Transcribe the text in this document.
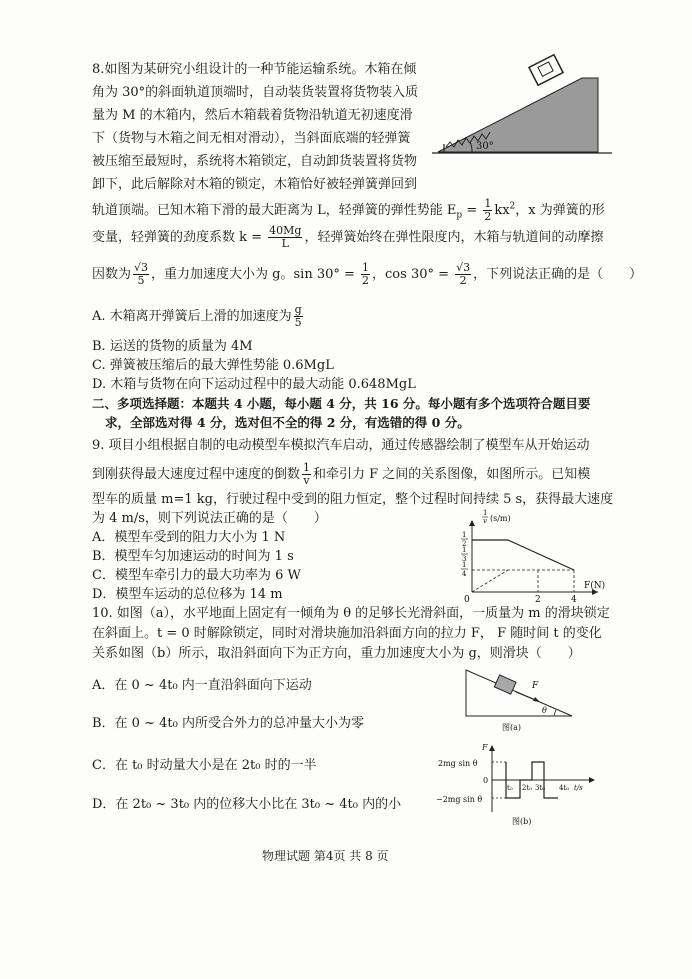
8.如图为某研究小组设计的一种节能运输系统。木箱在倾
角为 30°的斜面轨道顶端时，自动装货装置将货物装入质
量为 M 的木箱内，然后木箱载着货物沿轨道无初速度滑
下（货物与木箱之间无相对滑动），当斜面底端的轻弹簧
被压缩至最短时，系统将木箱锁定，自动卸货装置将货物
卸下，此后解除对木箱的锁定，木箱恰好被轻弹簧弹回到
30°
轨道顶端。已知木箱下滑的最大距离为 L，轻弹簧的弹性势能 $E_p = \frac{1}{2} kx^2$，x 为弹簧的形
变量，轻弹簧的劲度系数 $k = \frac{40Mg}{L}$ ，轻弹簧始终在弹性限度内，木箱与轨道间的动摩擦
因数为 $\frac{√3}{5}$ ，重力加速度大小为 g。$\sin 30^\circ = \frac{1}{2}$ ，$\cos 30^\circ = \frac{√3}{2}$ ，下列说法正确的是（　　）
A. 木箱离开弹簧后上滑的加速度为 $\frac{g}{5}$
B. 运送的货物的质量为 4M
C. 弹簧被压缩后的最大弹性势能 0.6MgL
D. 木箱与货物在向下运动过程中的最大动能 0.648MgL
二、多项选择题：本题共 4 小题，每小题 4 分，共 16 分。每小题有多个选项符合题目要
求，全部选对得 4 分，选对但不全的得 2 分，有选错的得 0 分。
9. 项目小组根据自制的电动模型车模拟汽车启动，通过传感器绘制了模型车从开始运动
到刚获得最大速度过程中速度的倒数 $\frac{1}{v}$ 和牵引力 F 之间的关系图像，如图所示。已知模
型车的质量 m=1 kg，行驶过程中受到的阻力恒定，整个过程时间持续 5 s，获得最大速度
为 4 m/s，则下列说法正确的是（　　）
A．模型车受到的阻力大小为 1 N
B．模型车匀加速运动的时间为 1 s
C．模型车牵引力的最大功率为 6 W
D．模型车运动的总位移为 14 m
1
v (s/m)
F(N)
0
1
2
1
3
1
4
2	4
10. 如图（a），水平地面上固定有一倾角为 θ 的足够长光滑斜面，一质量为 m 的滑块锁定
在斜面上。t = 0 时解除锁定，同时对滑块施加沿斜面方向的拉力 F， F 随时间 t 的变化
关系如图（b）所示，取沿斜面向下为正方向，重力加速度大小为 g，则滑块（　　）
A．在 0 ~ 4t₀ 内一直沿斜面向下运动
B．在 0 ~ 4t₀ 内所受合外力的总冲量大小为零
C．在 t₀ 时动量大小是在 2t₀ 时的一半
D．在 2t₀ ~ 3t₀ 内的位移大小比在 3t₀ ~ 4t₀ 内的小
F
θ
图(a)
F
2mg sin θ
0
−2mg sin θ
t₀ 2t₀ 3t₀ 4t₀ t/s
图(b)
物理试题 第4页 共 8 页
